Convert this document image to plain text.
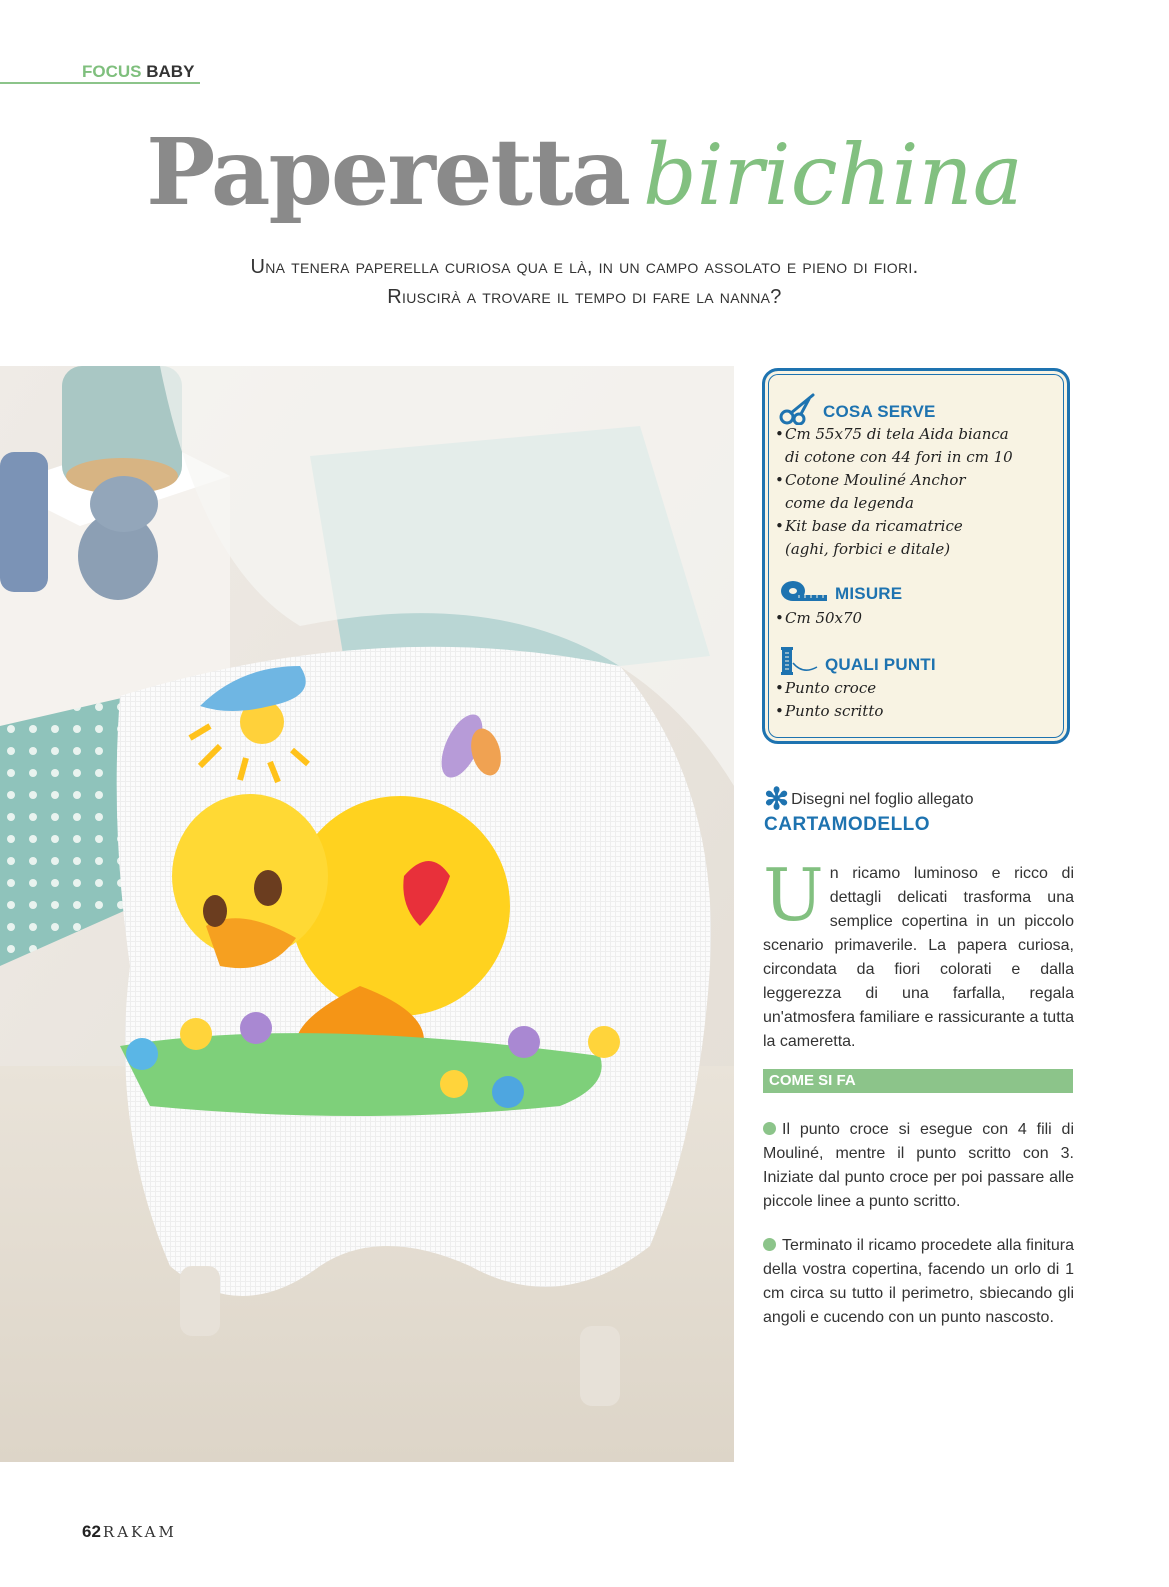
FOCUS BABY
Paperetta birichina
Una tenera paperella curiosa qua e là, in un campo assolato e pieno di fiori.
Riuscirà a trovare il tempo di fare la nanna?
COSA SERVE
•Cm 55x75 di tela Aida bianca
di cotone con 44 fori in cm 10
•Cotone Mouliné Anchor
come da legenda
•Kit base da ricamatrice
(aghi, forbici e ditale)
MISURE
•Cm 50x70
QUALI PUNTI
•Punto croce
•Punto scritto
✻ Disegni nel foglio allegato
CARTAMODELLO
Un ricamo luminoso e ricco di dettagli delicati trasforma una semplice copertina in un piccolo scenario primaverile. La papera curiosa, circondata da fiori colorati e dalla leggerezza di una farfalla, regala un'atmosfera familiare e rassicurante a tutta la cameretta.
COME SI FA
Il punto croce si esegue con 4 fili di Mouliné, mentre il punto scritto con 3. Iniziate dal punto croce per poi passare alle piccole linee a punto scritto.
Terminato il ricamo procedete alla finitura della vostra copertina, facendo un orlo di 1 cm circa su tutto il perimetro, sbiecando gli angoli e cucendo con un punto nascosto.
62 RAKAM
